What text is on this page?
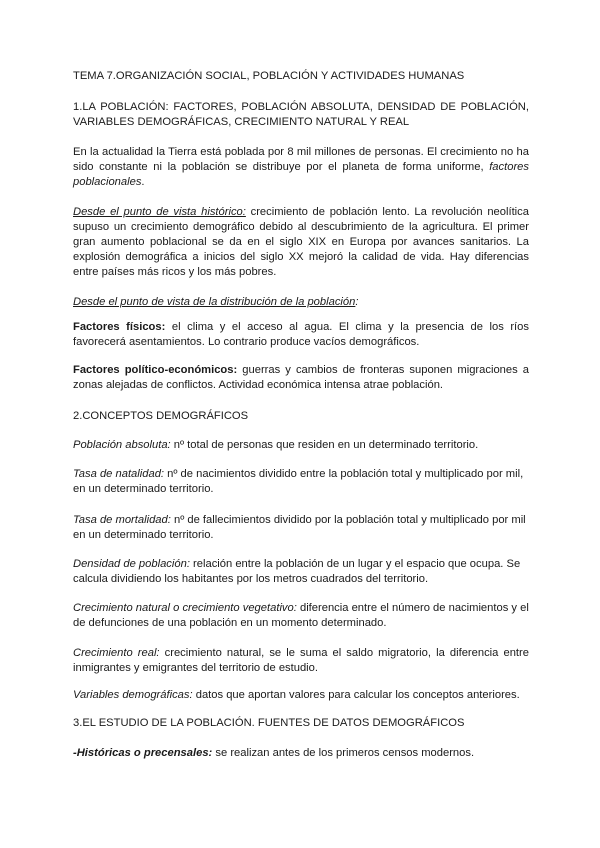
TEMA 7.ORGANIZACIÓN SOCIAL, POBLACIÓN Y ACTIVIDADES HUMANAS

1.LA POBLACIÓN: FACTORES, POBLACIÓN ABSOLUTA, DENSIDAD DE POBLACIÓN, VARIABLES DEMOGRÁFICAS, CRECIMIENTO NATURAL Y REAL

En la actualidad la Tierra está poblada por 8 mil millones de personas. El crecimiento no ha sido constante ni la población se distribuye por el planeta de forma uniforme, factores poblacionales.

Desde el punto de vista histórico: crecimiento de población lento. La revolución neolítica supuso un crecimiento demográfico debido al descubrimiento de la agricultura. El primer gran aumento poblacional se da en el siglo XIX en Europa por avances sanitarios. La explosión demográfica a inicios del siglo XX mejoró la calidad de vida. Hay diferencias entre países más ricos y los más pobres.

Desde el punto de vista de la distribución de la población:

Factores físicos: el clima y el acceso al agua. El clima y la presencia de los ríos favorecerá asentamientos. Lo contrario produce vacíos demográficos.

Factores político-económicos: guerras y cambios de fronteras suponen migraciones a zonas alejadas de conflictos. Actividad económica intensa atrae población.

2.CONCEPTOS DEMOGRÁFICOS

Población absoluta: nº total de personas que residen en un determinado territorio.

Tasa de natalidad: nº de nacimientos dividido entre la población total y multiplicado por mil, en un determinado territorio.

Tasa de mortalidad: nº de fallecimientos dividido por la población total y multiplicado por mil en un determinado territorio.

Densidad de población: relación entre la población de un lugar y el espacio que ocupa. Se calcula dividiendo los habitantes por los metros cuadrados del territorio.

Crecimiento natural o crecimiento vegetativo: diferencia entre el número de nacimientos y el de defunciones de una población en un momento determinado.

Crecimiento real: crecimiento natural, se le suma el saldo migratorio, la diferencia entre inmigrantes y emigrantes del territorio de estudio.

Variables demográficas: datos que aportan valores para calcular los conceptos anteriores.

3.EL ESTUDIO DE LA POBLACIÓN. FUENTES DE DATOS DEMOGRÁFICOS

-Históricas o precensales: se realizan antes de los primeros censos modernos.
